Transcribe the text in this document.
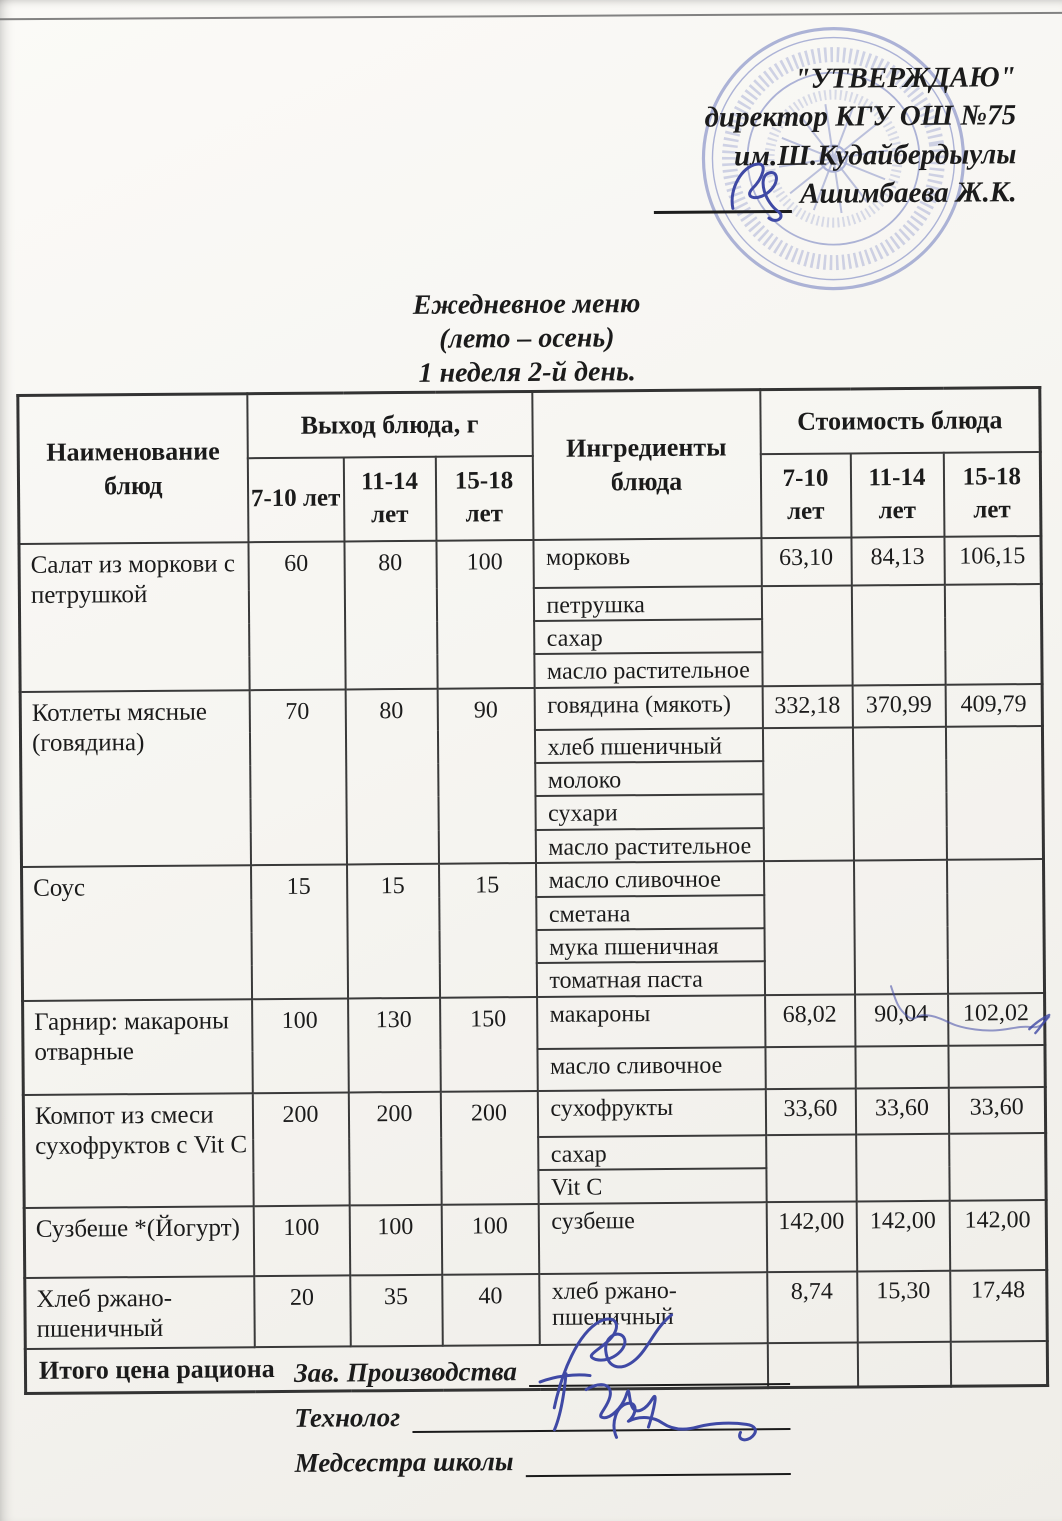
"УТВЕРЖДАЮ"
директор КГУ ОШ №75
им.Ш.Кудайбердыулы
Ашимбаева Ж.К.
Ежедневное меню
(лето – осень)
1 неделя 2-й день.
Наименование блюд	Выход блюда, г			Ингредиенты блюда	Стоимость блюда		
	7-10 лет	11-14 лет	15-18 лет		7-10 лет	11-14 лет	15-18 лет
Салат из моркови с петрушкой	60	80	100	морковь	63,10	84,13	106,15
				петрушка			
				сахар			
				масло растительное			
Котлеты мясные (говядина)	70	80	90	говядина (мякоть)	332,18	370,99	409,79
				хлеб пшеничный			
				молоко			
				сухари			
				масло растительное			
Соус	15	15	15	масло сливочное			
				сметана			
				мука пшеничная			
				томатная паста			
Гарнир: макароны отварные	100	130	150	макароны	68,02	90,04	102,02
				масло сливочное			
Компот из смеси сухофруктов с Vit C	200	200	200	сухофрукты	33,60	33,60	33,60
				сахар			
				Vit C			
Сузбеше *(Йогурт)	100	100	100	сузбеше	142,00	142,00	142,00
Хлеб ржано-пшеничный	20	35	40	хлеб ржано-пшеничный	8,74	15,30	17,48
Итого цена рациона							Зав. Производства
Технолог
Медсестра школы
